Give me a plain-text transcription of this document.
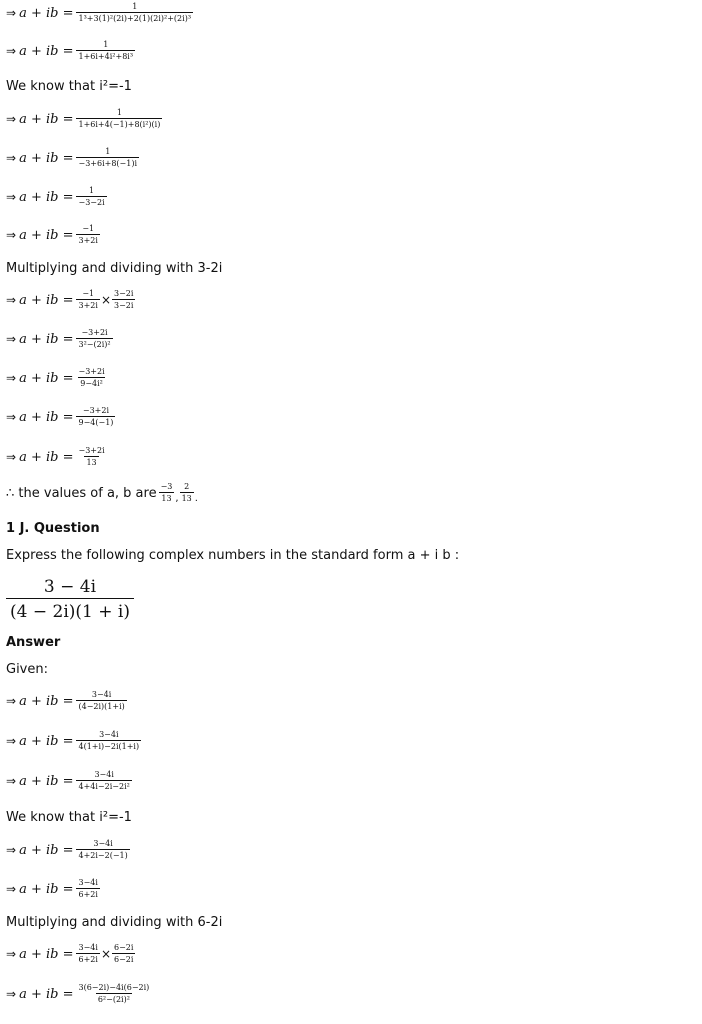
⇒ a + ib = $\frac{1}{\text{1³+3(1)²(2i)+2(1)(2i)²+(2i)³}}$
⇒ a + ib = $\frac{1}{\text{1+6i+4i²+8i³}}$
We know that i²=-1
⇒ a + ib = $\frac{1}{\text{1+6i+4(−1)+8(i²)(i)}}$
⇒ a + ib = $\frac{1}{-3+6i+8(-1)i}$
⇒ a + ib = $\frac{1}{-3-2i}$
⇒ a + ib = $\frac{-1}{3+2i}$
Multiplying and dividing with 3-2i
⇒ a + ib = $\frac{-1}{3+2i} \times \frac{3-2i}{3-2i}$
⇒ a + ib = $\frac{-3+2i}{\text{3²−(2i)²}}$
⇒ a + ib = $\frac{-3+2i}{\text{9−4i²}}$
⇒ a + ib = $\frac{-3+2i}{9-4(-1)}$
⇒ a + ib = $\frac{-3+2i}{13}$
∴ the values of a, b are $\frac{-3}{13}$ , $\frac{2}{13}$ .
1 J. Question
Express the following complex numbers in the standard form a + i b :
$\frac{3 - 4i}{(4 - 2i)(1 + i)}$
Answer
Given:
⇒ a + ib = $\frac{3-4i}{(4-2i)(1+i)}$
⇒ a + ib = $\frac{3-4i}{4(1+i)-2i(1+i)}$
⇒ a + ib = $\frac{3-4i}{\text{4+4i−2i−2i²}}$
We know that i²=-1
⇒ a + ib = $\frac{3-4i}{4+2i-2(-1)}$
⇒ a + ib = $\frac{3-4i}{6+2i}$
Multiplying and dividing with 6-2i
⇒ a + ib = $\frac{3-4i}{6+2i} \times \frac{6-2i}{6-2i}$
⇒ a + ib = $\frac{3(6-2i)-4i(6-2i)}{\text{6²−(2i)²}}$
